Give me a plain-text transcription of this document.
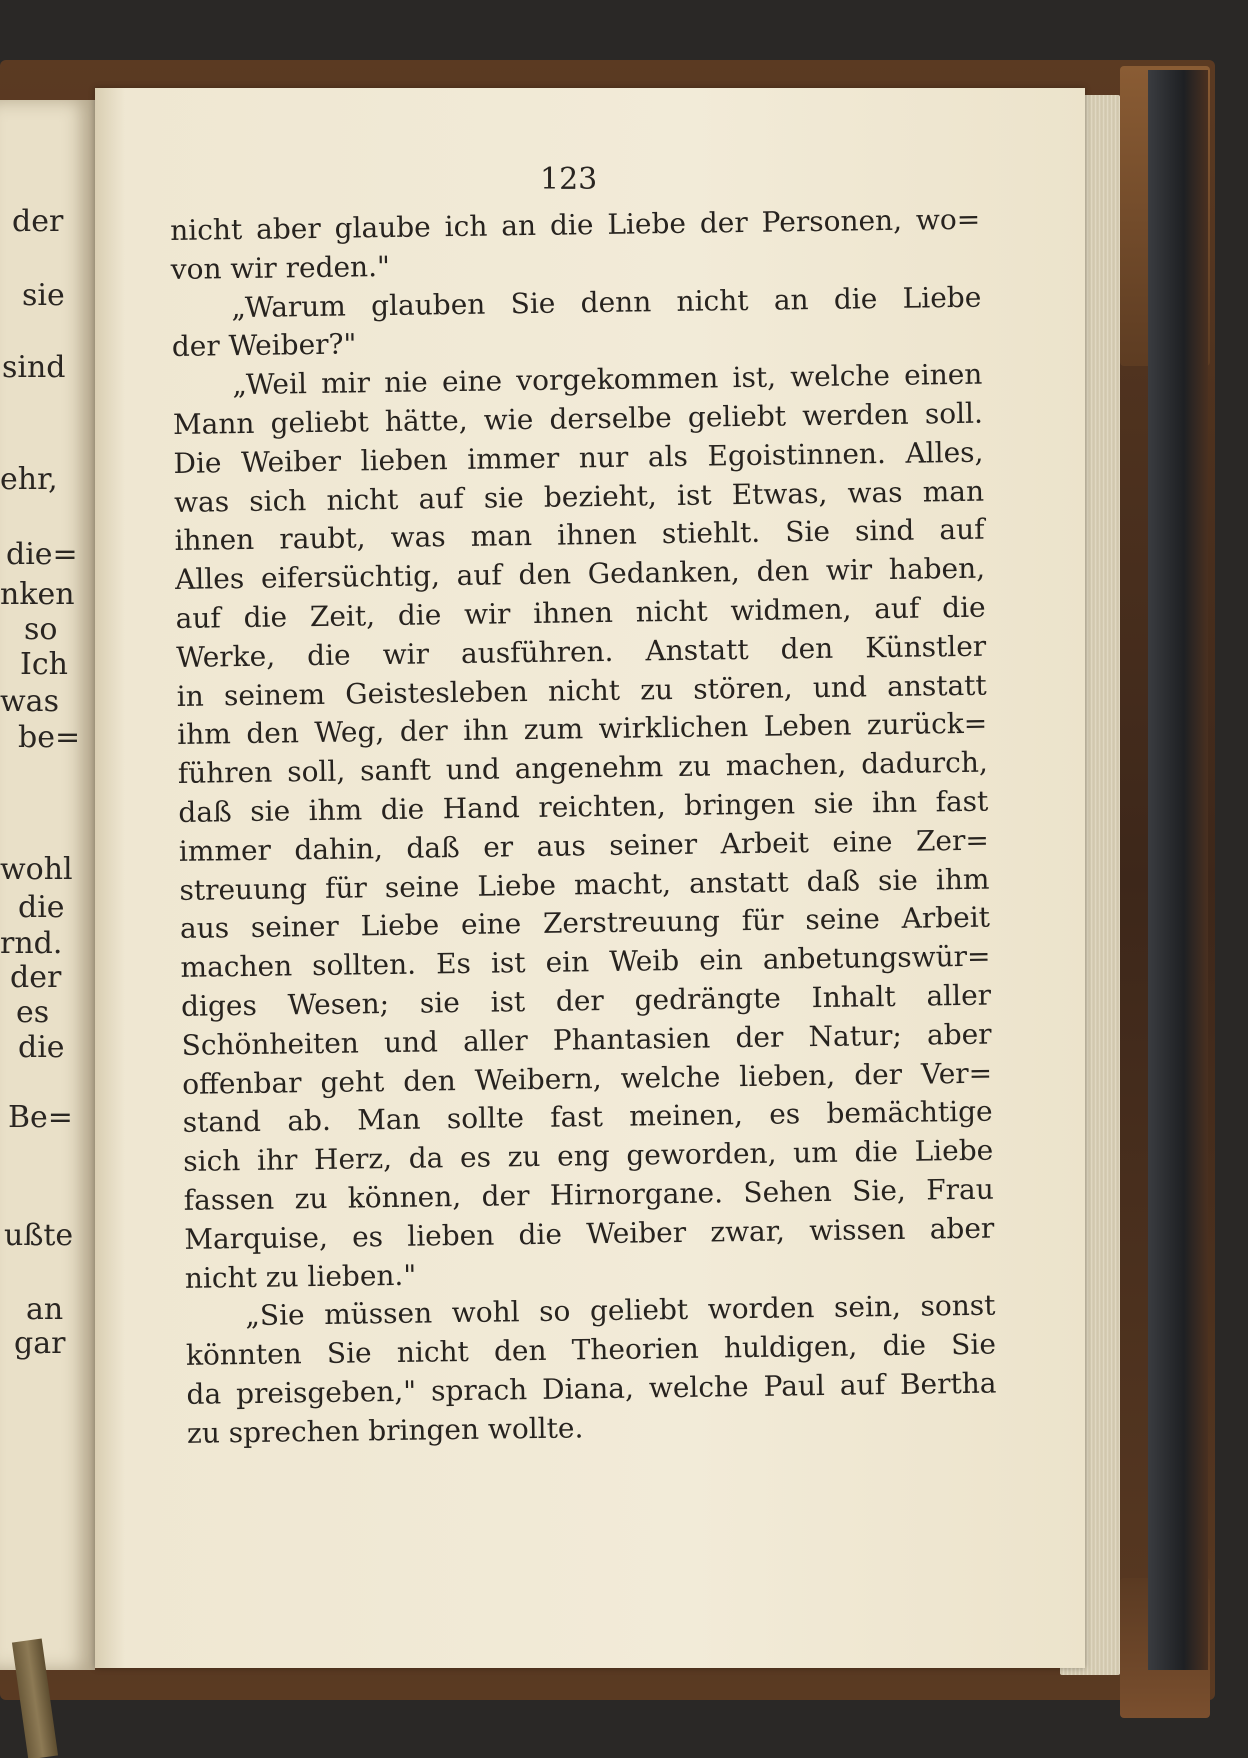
der
sie
sind
ehr,
die=
nken
so
Ich
was
be=
wohl
die
rnd.
der
es
die
Be=
ußte
an
gar
123
nicht aber glaube ich an die Liebe der Personen, wo=
von wir reden."
„Warum glauben Sie denn nicht an die Liebe
der Weiber?"
„Weil mir nie eine vorgekommen ist, welche einen
Mann geliebt hätte, wie derselbe geliebt werden soll.
Die Weiber lieben immer nur als Egoistinnen. Alles,
was sich nicht auf sie bezieht, ist Etwas, was man
ihnen raubt, was man ihnen stiehlt. Sie sind auf
Alles eifersüchtig, auf den Gedanken, den wir haben,
auf die Zeit, die wir ihnen nicht widmen, auf die
Werke, die wir ausführen. Anstatt den Künstler
in seinem Geistesleben nicht zu stören, und anstatt
ihm den Weg, der ihn zum wirklichen Leben zurück=
führen soll, sanft und angenehm zu machen, dadurch,
daß sie ihm die Hand reichten, bringen sie ihn fast
immer dahin, daß er aus seiner Arbeit eine Zer=
streuung für seine Liebe macht, anstatt daß sie ihm
aus seiner Liebe eine Zerstreuung für seine Arbeit
machen sollten. Es ist ein Weib ein anbetungswür=
diges Wesen; sie ist der gedrängte Inhalt aller
Schönheiten und aller Phantasien der Natur; aber
offenbar geht den Weibern, welche lieben, der Ver=
stand ab. Man sollte fast meinen, es bemächtige
sich ihr Herz, da es zu eng geworden, um die Liebe
fassen zu können, der Hirnorgane. Sehen Sie, Frau
Marquise, es lieben die Weiber zwar, wissen aber
nicht zu lieben."
„Sie müssen wohl so geliebt worden sein, sonst
könnten Sie nicht den Theorien huldigen, die Sie
da preisgeben," sprach Diana, welche Paul auf Bertha
zu sprechen bringen wollte.
